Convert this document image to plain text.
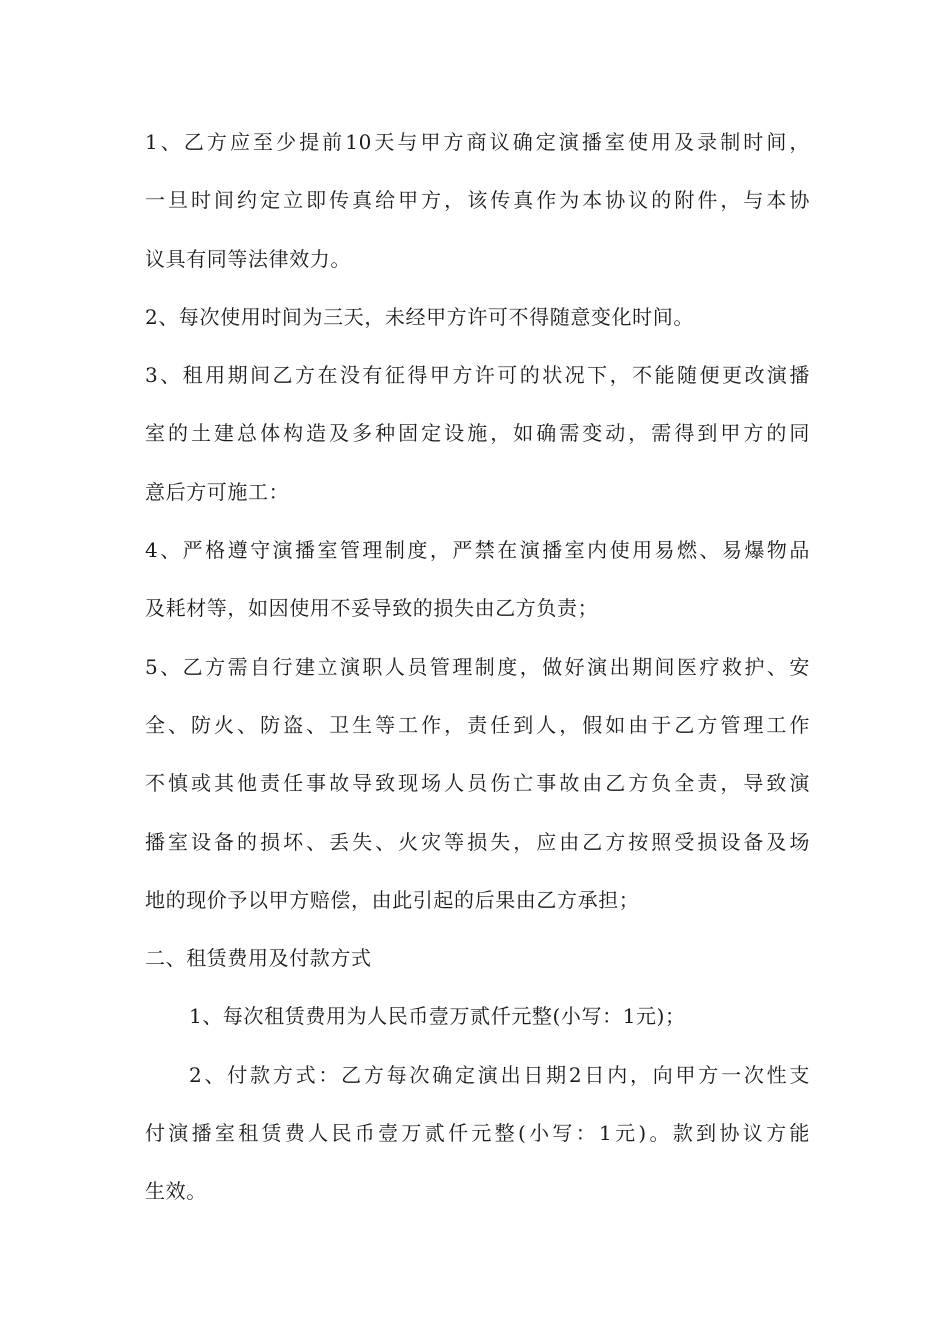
1、乙方应至少提前10天与甲方商议确定演播室使用及录制时间，
一旦时间约定立即传真给甲方，该传真作为本协议的附件，与本协
议具有同等法律效力。
2、每次使用时间为三天，未经甲方许可不得随意变化时间。
3、租用期间乙方在没有征得甲方许可的状况下，不能随便更改演播
室的土建总体构造及多种固定设施，如确需变动，需得到甲方的同
意后方可施工：
4、严格遵守演播室管理制度，严禁在演播室内使用易燃、易爆物品
及耗材等，如因使用不妥导致的损失由乙方负责；
5、乙方需自行建立演职人员管理制度，做好演出期间医疗救护、安
全、防火、防盗、卫生等工作，责任到人，假如由于乙方管理工作
不慎或其他责任事故导致现场人员伤亡事故由乙方负全责，导致演
播室设备的损坏、丢失、火灾等损失，应由乙方按照受损设备及场
地的现价予以甲方赔偿，由此引起的后果由乙方承担；
二、租赁费用及付款方式
1、每次租赁费用为人民币壹万贰仟元整(小写：1元)；
2、付款方式：乙方每次确定演出日期2日内，向甲方一次性支
付演播室租赁费人民币壹万贰仟元整(小写：1元)。款到协议方能
生效。
